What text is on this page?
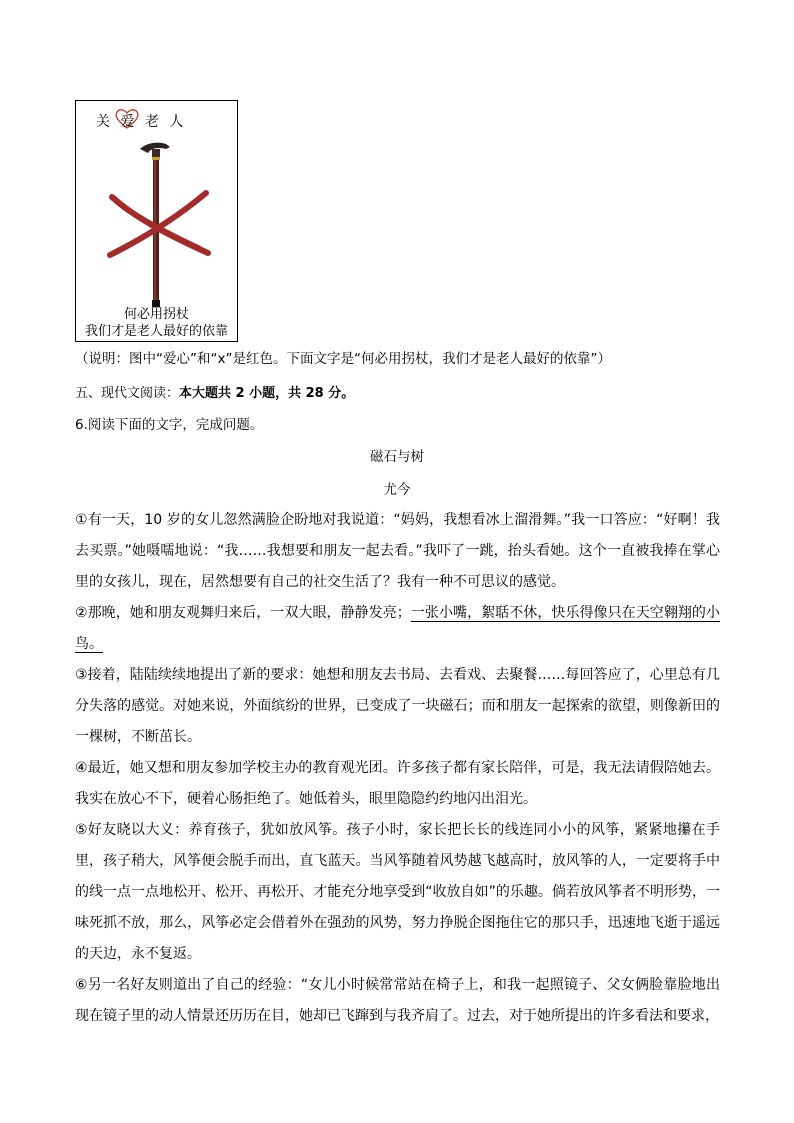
关 爱 老 人
何必用拐杖
我们才是老人最好的依靠
（说明：图中“爱心”和“x”是红色。下面文字是“何必用拐杖，我们才是老人最好的依靠”）
五、现代文阅读：本大题共 2 小题，共 28 分。
6.阅读下面的文字，完成问题。
磁石与树
尤今
①有一天，10 岁的女儿忽然满脸企盼地对我说道：“妈妈，我想看冰上溜滑舞。”我一口答应：“好啊！我去买票。”她嗫嚅地说：“我……我想要和朋友一起去看。”我吓了一跳，抬头看她。这个一直被我捧在掌心里的女孩儿，现在，居然想要有自己的社交生活了？我有一种不可思议的感觉。
②那晚，她和朋友观舞归来后，一双大眼，静静发亮；一张小嘴，絮聒不休，快乐得像只在天空翱翔的小鸟。
③接着，陆陆续续地提出了新的要求：她想和朋友去书局、去看戏、去聚餐……每回答应了，心里总有几分失落的感觉。对她来说，外面缤纷的世界，已变成了一块磁石；而和朋友一起探索的欲望，则像新田的一棵树，不断茁长。
④最近，她又想和朋友参加学校主办的教育观光团。许多孩子都有家长陪伴，可是，我无法请假陪她去。我实在放心不下，硬着心肠拒绝了。她低着头，眼里隐隐约约地闪出泪光。
⑤好友晓以大义：养育孩子，犹如放风筝。孩子小时，家长把长长的线连同小小的风筝，紧紧地攥在手里，孩子稍大，风筝便会脱手而出，直飞蓝天。当风筝随着风势越飞越高时，放风筝的人，一定要将手中的线一点一点地松开、松开、再松开、才能充分地享受到“收放自如”的乐趣。倘若放风筝者不明形势，一味死抓不放，那么，风筝必定会借着外在强劲的风势，努力挣脱企图拖住它的那只手，迅速地飞逝于遥远的天边，永不复返。
⑥另一名好友则道出了自己的经验：“女儿小时候常常站在椅子上，和我一起照镜子、父女俩脸靠脸地出现在镜子里的动人情景还历历在目，她却已飞蹿到与我齐肩了。过去，对于她所提出的许多看法和要求，
